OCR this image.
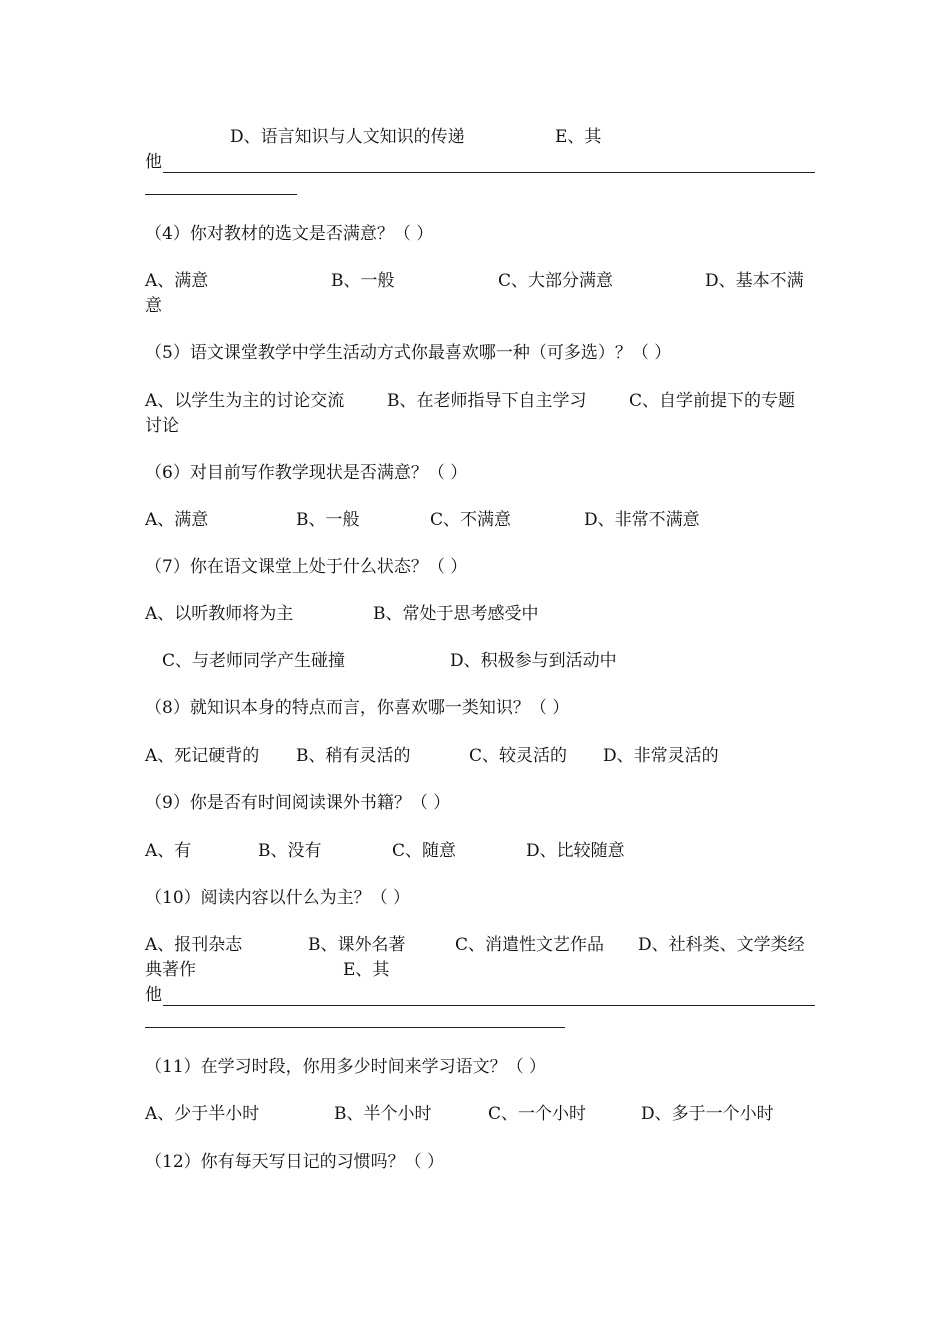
D、语言知识与人文知识的传递	E、其
他
（4）你对教材的选文是否满意？（ ）
A、满意	B、一般	C、大部分满意	D、基本不满
意
（5）语文课堂教学中学生活动方式你最喜欢哪一种（可多选）？（ ）
A、以学生为主的讨论交流	B、在老师指导下自主学习	C、自学前提下的专题
讨论
（6）对目前写作教学现状是否满意？（ ）
A、满意	B、一般	C、不满意	D、非常不满意
（7）你在语文课堂上处于什么状态？（ ）
A、以听教师将为主	B、常处于思考感受中
C、与老师同学产生碰撞	D、积极参与到活动中
（8）就知识本身的特点而言，你喜欢哪一类知识？（ ）
A、死记硬背的 B、稍有灵活的	C、较灵活的 D、非常灵活的
（9）你是否有时间阅读课外书籍？（ ）
A、有	B、没有	C、随意	D、比较随意
（10）阅读内容以什么为主？（ ）
A、报刊杂志	B、课外名著	C、消遣性文艺作品 D、社科类、文学类经
典著作	E、其
他
（11）在学习时段，你用多少时间来学习语文？（ ）
A、少于半小时	B、半个小时	C、一个小时	D、多于一个小时
（12）你有每天写日记的习惯吗？（ ）
